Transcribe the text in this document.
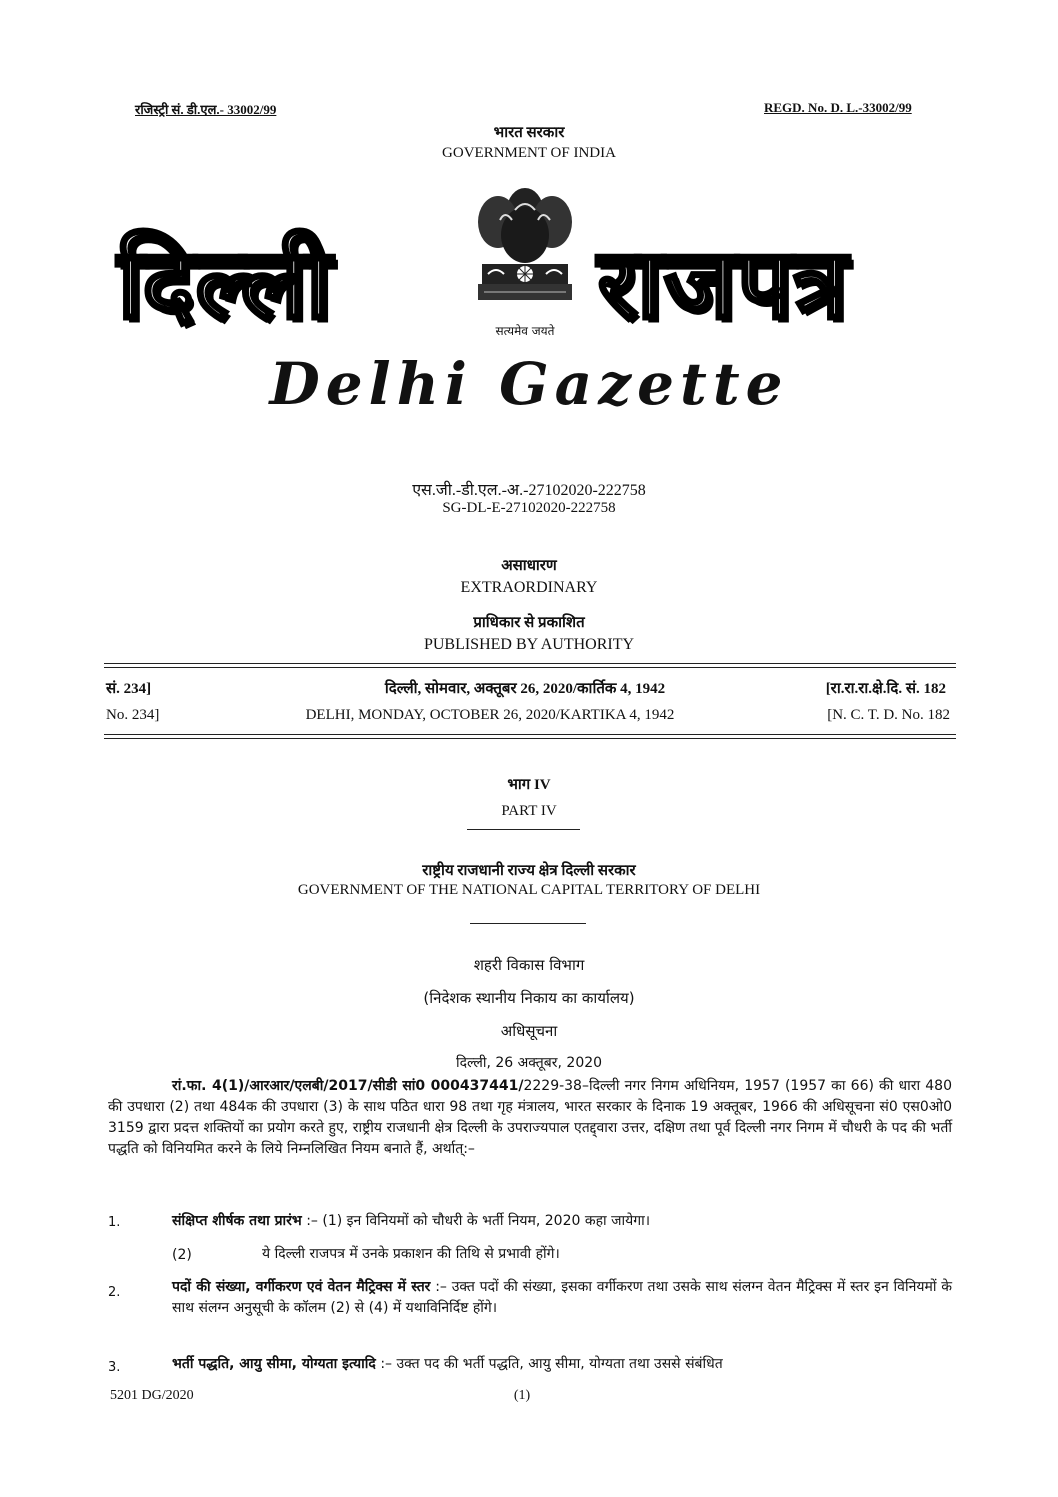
रजिस्ट्री सं. डी.एल.- 33002/99	REGD. No. D. L.-33002/99
भारत सरकार
GOVERNMENT OF INDIA
दिल्ली	राजपत्र
सत्यमेव जयते
Delhi Gazette
एस.जी.-डी.एल.-अ.-27102020-222758
SG-DL-E-27102020-222758
असाधारण
EXTRAORDINARY
प्राधिकार से प्रकाशित
PUBLISHED BY AUTHORITY
सं. 234]	दिल्ली, सोमवार, अक्तूबर 26, 2020/कार्तिक 4, 1942	[रा.रा.रा.क्षे.दि. सं. 182
No. 234]	DELHI, MONDAY, OCTOBER 26, 2020/KARTIKA 4, 1942	[N. C. T. D. No. 182
भाग IV
PART IV
राष्ट्रीय राजधानी राज्य क्षेत्र दिल्ली सरकार
GOVERNMENT OF THE NATIONAL CAPITAL TERRITORY OF DELHI
शहरी विकास विभाग
(निदेशक स्थानीय निकाय का कार्यालय)
अधिसूचना
दिल्ली, 26 अक्तूबर, 2020
रां.फा. 4(1)/आरआर/एलबी/2017/सीडी सां0 000437441/2229-38–दिल्ली नगर निगम अधिनियम, 1957 (1957 का 66) की धारा 480 की उपधारा (2) तथा 484क की उपधारा (3) के साथ पठित धारा 98 तथा गृह मंत्रालय, भारत सरकार के दिनाक 19 अक्तूबर, 1966 की अधिसूचना सं0 एस0ओ0 3159 द्वारा प्रदत्त शक्तियों का प्रयोग करते हुए, राष्ट्रीय राजधानी क्षेत्र दिल्ली के उपराज्यपाल एतद्द्वारा उत्तर, दक्षिण तथा पूर्व दिल्ली नगर निगम में चौधरी के पद की भर्ती पद्धति को विनियमित करने के लिये निम्नलिखित नियम बनाते हैं, अर्थात्:–
1.	संक्षिप्त शीर्षक तथा प्रारंभ :– (1) इन विनियमों को चौधरी के भर्ती नियम, 2020 कहा जायेगा।
(2)	ये दिल्ली राजपत्र में उनके प्रकाशन की तिथि से प्रभावी होंगे।
2.	पदों की संख्या, वर्गीकरण एवं वेतन मैट्रिक्स में स्तर :– उक्त पदों की संख्या, इसका वर्गीकरण तथा उसके साथ संलग्न वेतन मैट्रिक्स में स्तर इन विनियमों के साथ संलग्न अनुसूची के कॉलम (2) से (4) में यथाविनिर्दिष्ट होंगे।
3.	भर्ती पद्धति, आयु सीमा, योग्यता इत्यादि :– उक्त पद की भर्ती पद्धति, आयु सीमा, योग्यता तथा उससे संबंधित
5201 DG/2020	(1)
